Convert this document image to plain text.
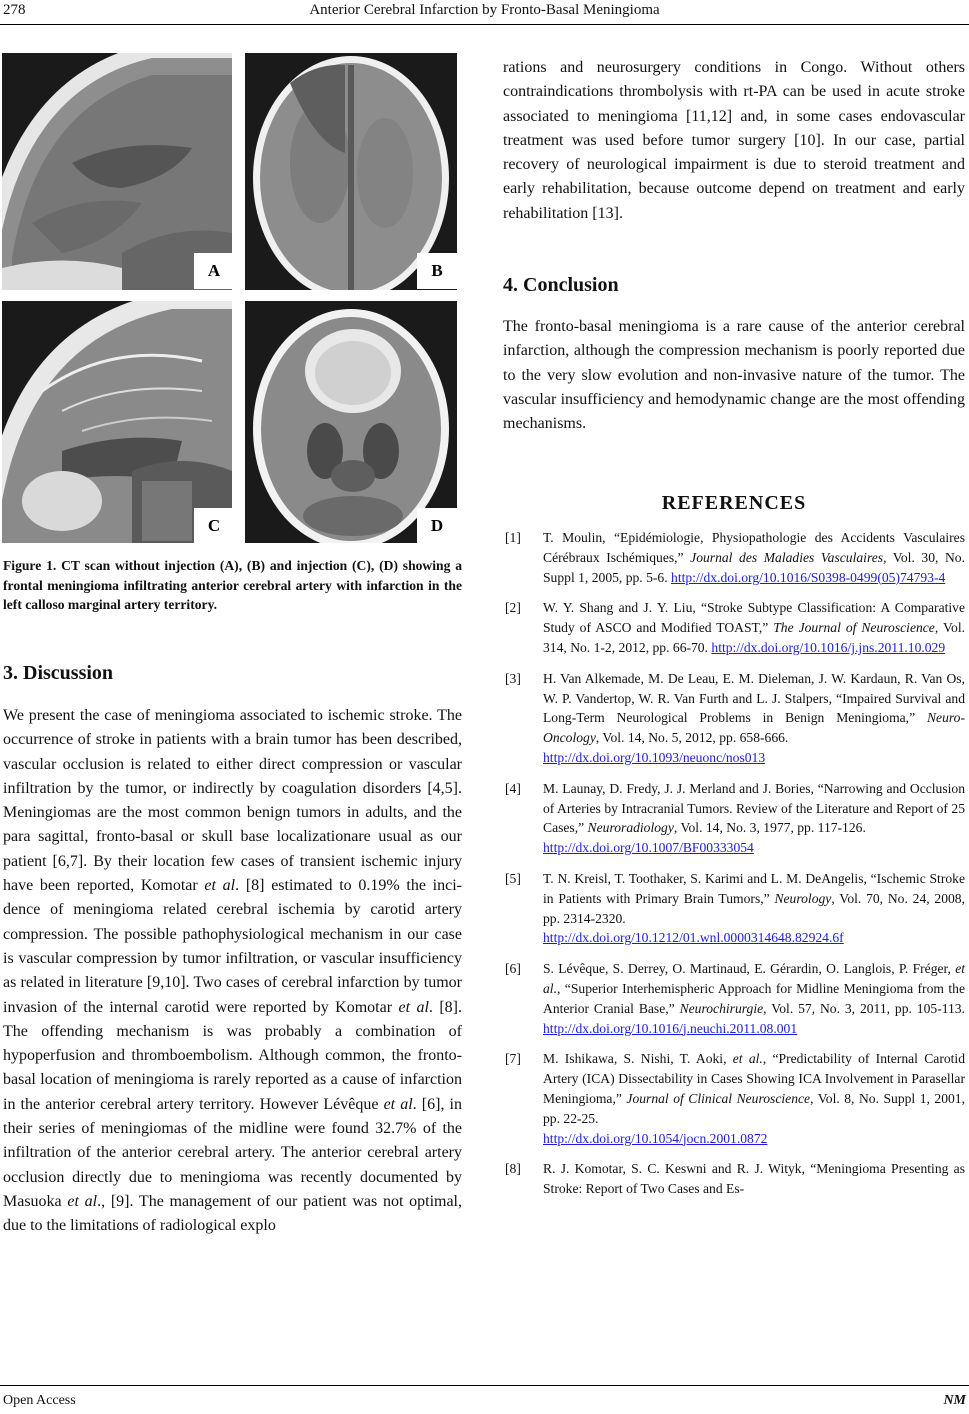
278	Anterior Cerebral Infarction by Fronto-Basal Meningioma
A	B
C	D

Figure 1. CT scan without injection (A), (B) and injection (C), (D) showing a frontal meningioma infiltrating anterior cerebral artery with infarction in the left calloso marginal artery territory.

3. Discussion
We present the case of meningioma associated to ischemic stroke. The occurrence of stroke in patients with a brain tumor has been described, vascular occlusion is related to either direct compression or vascular infiltration by the tumor, or indirectly by coagulation disorders [4,5]. Meningiomas are the most common benign tumors in adults, and the para sagittal, fronto-basal or skull base localizationare usual as our patient [6,7]. By their location few cases of transient ischemic injury have been reported, Komotar et al. [8] estimated to 0.19% the incidence of meningioma related cerebral ischemia by carotid artery compression. The possible pathophysiological mechanism in our case is vascular compression by tumor infiltration, or vascular insufficiency as related in literature [9,10]. Two cases of cerebral infarction by tumor invasion of the internal carotid were reported by Komotar et al. [8]. The offending mechanism is was probably a combination of hypoperfusion and thromboembolism. Although common, the fronto-basal location of meningioma is rarely reported as a cause of infarction in the anterior cerebral artery territory. However Lévêque et al. [6], in their series of meningiomas of the midline were found 32.7% of the infiltration of the anterior cerebral artery. The anterior cerebral artery occlusion directly due to meningioma was recently documented by Masuoka et al., [9]. The management of our patient was not optimal, due to the limitations of radiological explo
rations and neurosurgery conditions in Congo. Without others contraindications thrombolysis with rt-PA can be used in acute stroke associated to meningioma [11,12] and, in some cases endovascular treatment was used before tumor surgery [10]. In our case, partial recovery of neurological impairment is due to steroid treatment and early rehabilitation, because outcome depend on treatment and early rehabilitation [13].
4. Conclusion
The fronto-basal meningioma is a rare cause of the anterior cerebral infarction, although the compression mechanism is poorly reported due to the very slow evolution and non-invasive nature of the tumor. The vascular insufficiency and hemodynamic change are the most offending mechanisms.
REFERENCES
[1] T. Moulin, “Epidémiologie, Physiopathologie des Accidents Vasculaires Cérébraux Ischémiques,” Journal des Maladies Vasculaires, Vol. 30, No. Suppl 1, 2005, pp. 5-6. http://dx.doi.org/10.1016/S0398-0499(05)74793-4
[2] W. Y. Shang and J. Y. Liu, “Stroke Subtype Classification: A Comparative Study of ASCO and Modified TOAST,” The Journal of Neuroscience, Vol. 314, No. 1-2, 2012, pp. 66-70. http://dx.doi.org/10.1016/j.jns.2011.10.029
[3] H. Van Alkemade, M. De Leau, E. M. Dieleman, J. W. Kardaun, R. Van Os, W. P. Vandertop, W. R. Van Furth and L. J. Stalpers, “Impaired Survival and Long-Term Neurological Problems in Benign Meningioma,” Neuro-Oncology, Vol. 14, No. 5, 2012, pp. 658-666.
http://dx.doi.org/10.1093/neuonc/nos013
[4] M. Launay, D. Fredy, J. J. Merland and J. Bories, “Narrowing and Occlusion of Arteries by Intracranial Tumors. Review of the Literature and Report of 25 Cases,” Neuroradiology, Vol. 14, No. 3, 1977, pp. 117-126.
http://dx.doi.org/10.1007/BF00333054
[5] T. N. Kreisl, T. Toothaker, S. Karimi and L. M. DeAngelis, “Ischemic Stroke in Patients with Primary Brain Tumors,” Neurology, Vol. 70, No. 24, 2008, pp. 2314-2320.
http://dx.doi.org/10.1212/01.wnl.0000314648.82924.6f
[6] S. Lévêque, S. Derrey, O. Martinaud, E. Gérardin, O. Langlois, P. Fréger, et al., “Superior Interhemispheric Approach for Midline Meningioma from the Anterior Cranial Base,” Neurochirurgie, Vol. 57, No. 3, 2011, pp. 105-113. http://dx.doi.org/10.1016/j.neuchi.2011.08.001
[7] M. Ishikawa, S. Nishi, T. Aoki, et al., “Predictability of Internal Carotid Artery (ICA) Dissectability in Cases Showing ICA Involvement in Parasellar Meningioma,” Journal of Clinical Neuroscience, Vol. 8, No. Suppl 1, 2001, pp. 22-25.
http://dx.doi.org/10.1054/jocn.2001.0872
[8] R. J. Komotar, S. C. Keswni and R. J. Wityk, “Meningioma Presenting as Stroke: Report of Two Cases and Es-
Open Access	NM
